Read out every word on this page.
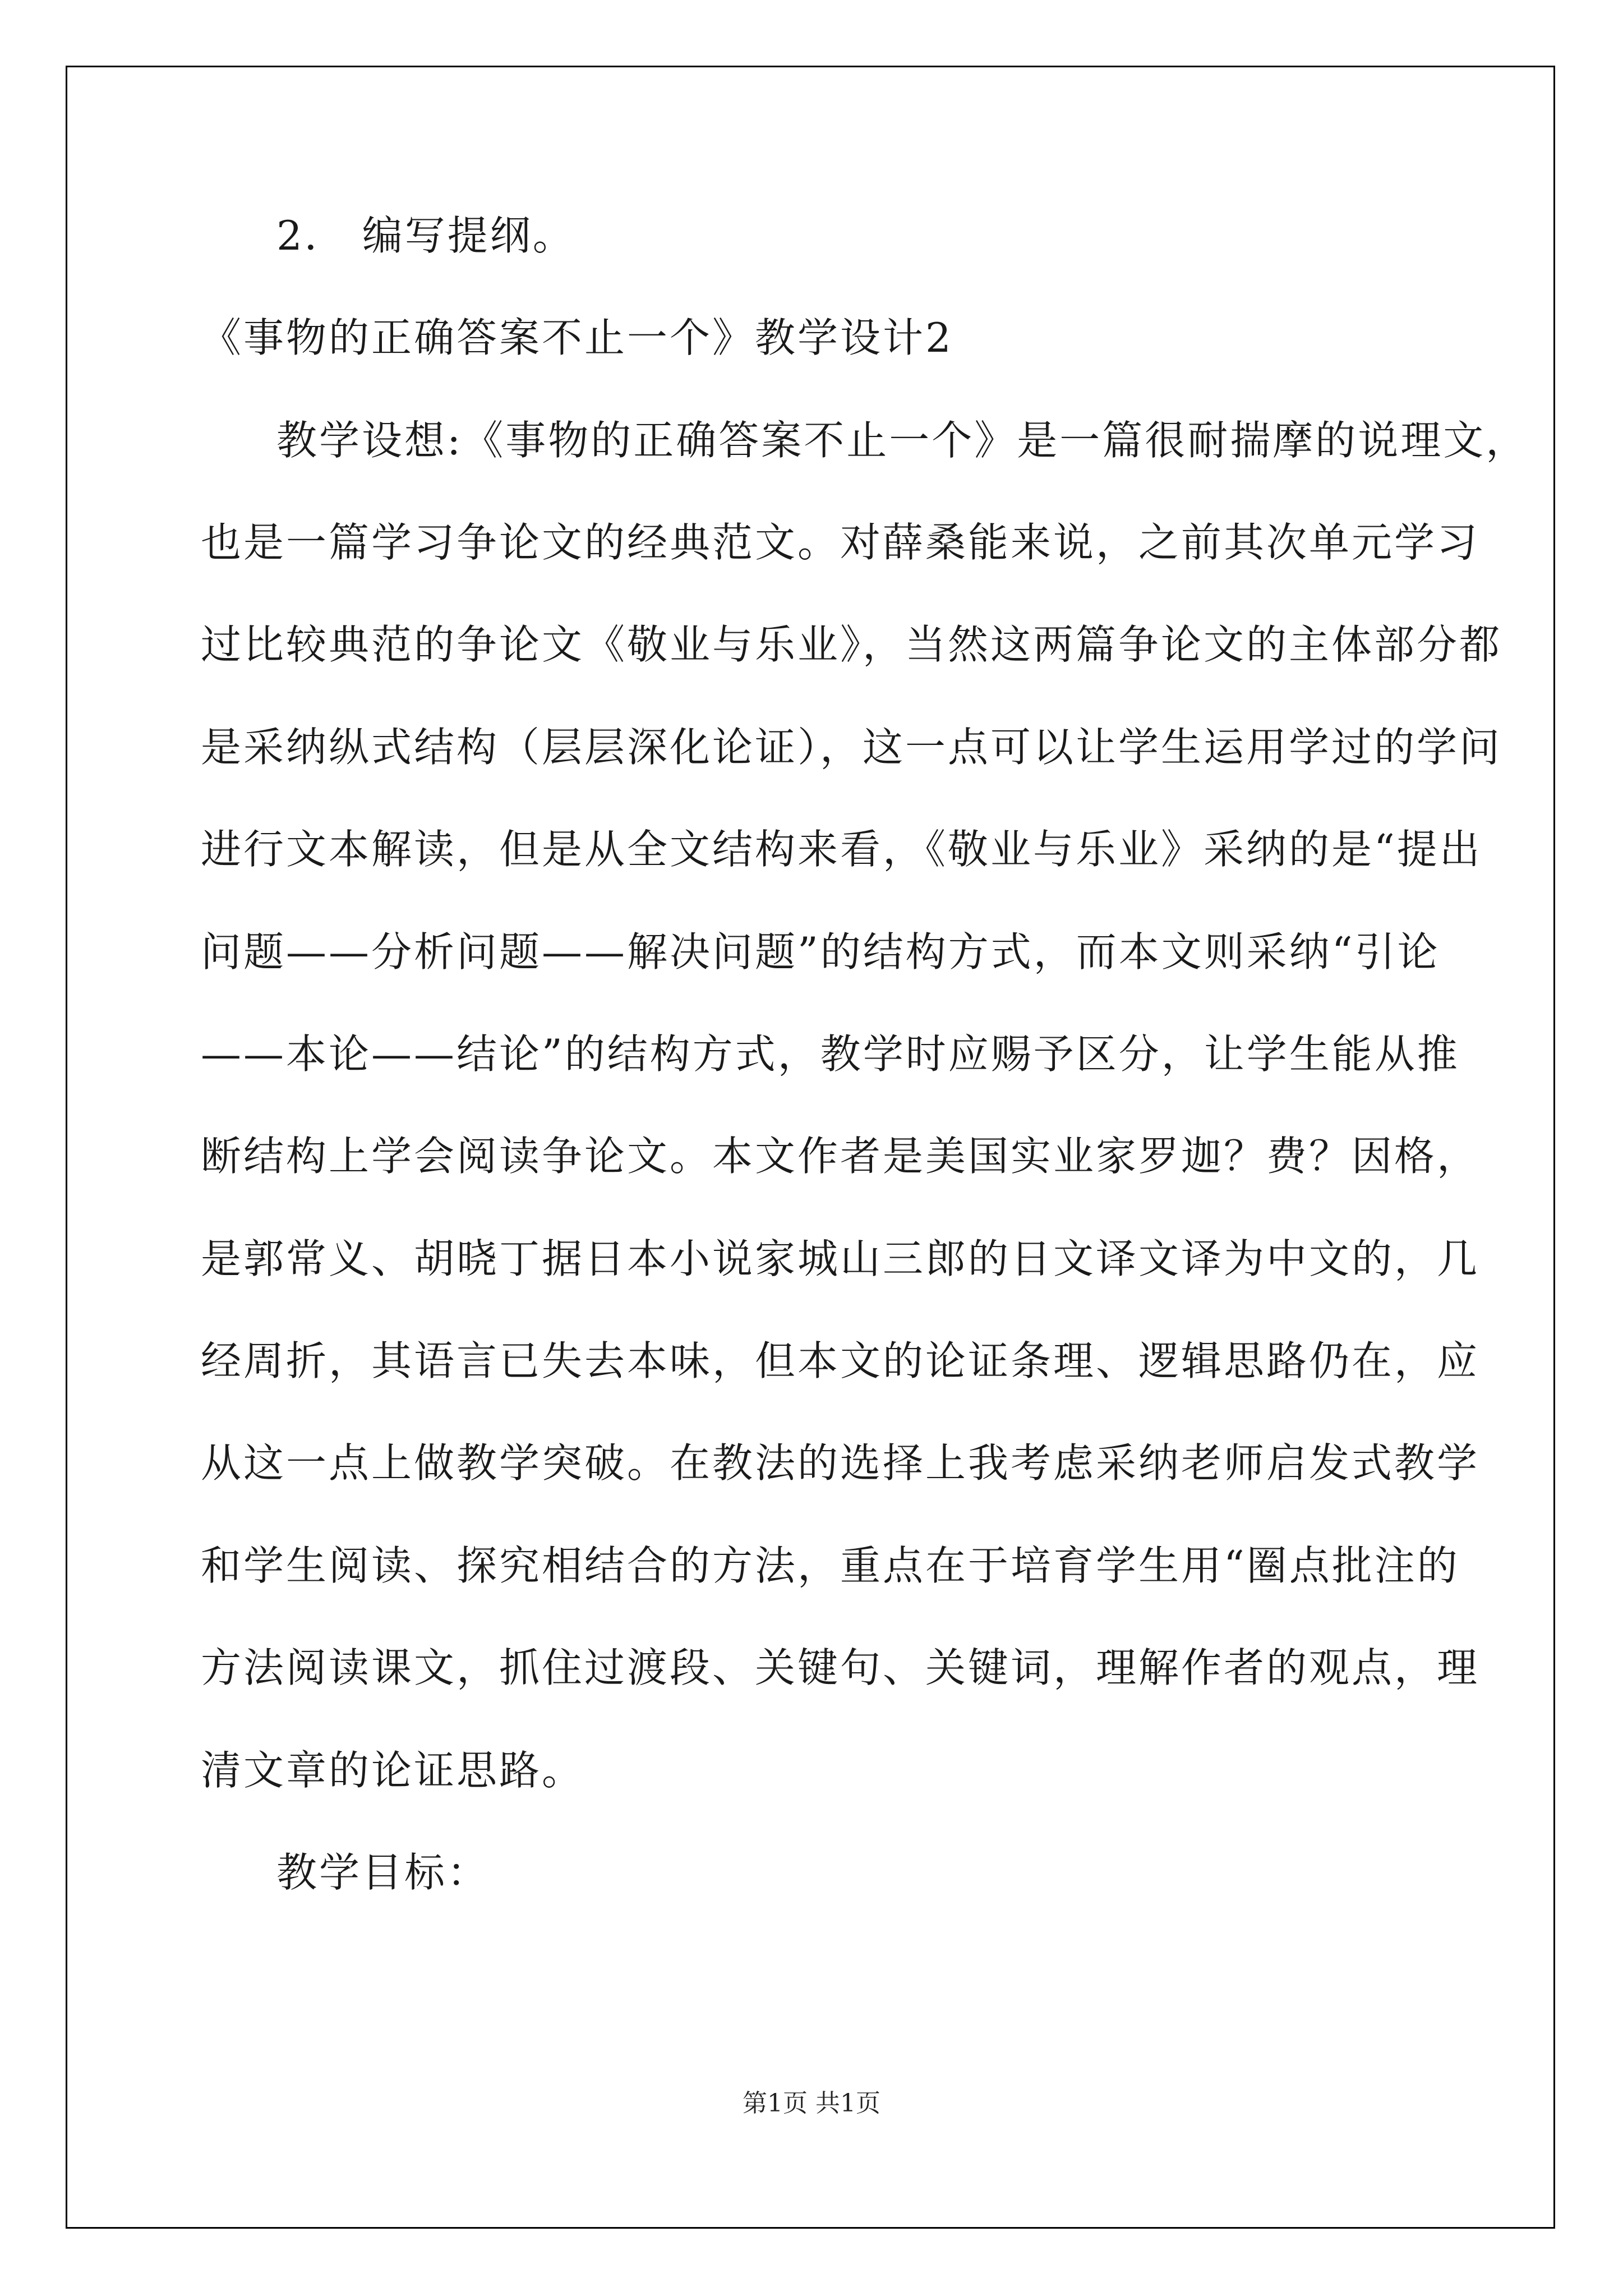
2． 编写提纲。
《事物的正确答案不止一个》教学设计2
教学设想:《事物的正确答案不止一个》是一篇很耐揣摩的说理文，
也是一篇学习争论文的经典范文。对薛桑能来说，之前其次单元学习
过比较典范的争论文《敬业与乐业》，当然这两篇争论文的主体部分都
是采纳纵式结构（层层深化论证），这一点可以让学生运用学过的学问
进行文本解读，但是从全文结构来看，《敬业与乐业》采纳的是“提出
问题——分析问题——解决问题”的结构方式，而本文则采纳“引论
——本论——结论”的结构方式，教学时应赐予区分，让学生能从推
断结构上学会阅读争论文。本文作者是美国实业家罗迦？费？因格，
是郭常义、胡晓丁据日本小说家城山三郎的日文译文译为中文的，几
经周折，其语言已失去本味，但本文的论证条理、逻辑思路仍在，应
从这一点上做教学突破。在教法的选择上我考虑采纳老师启发式教学
和学生阅读、探究相结合的方法，重点在于培育学生用“圈点批注的
方法阅读课文，抓住过渡段、关键句、关键词，理解作者的观点，理
清文章的论证思路。
教学目标：
第1页 共1页
